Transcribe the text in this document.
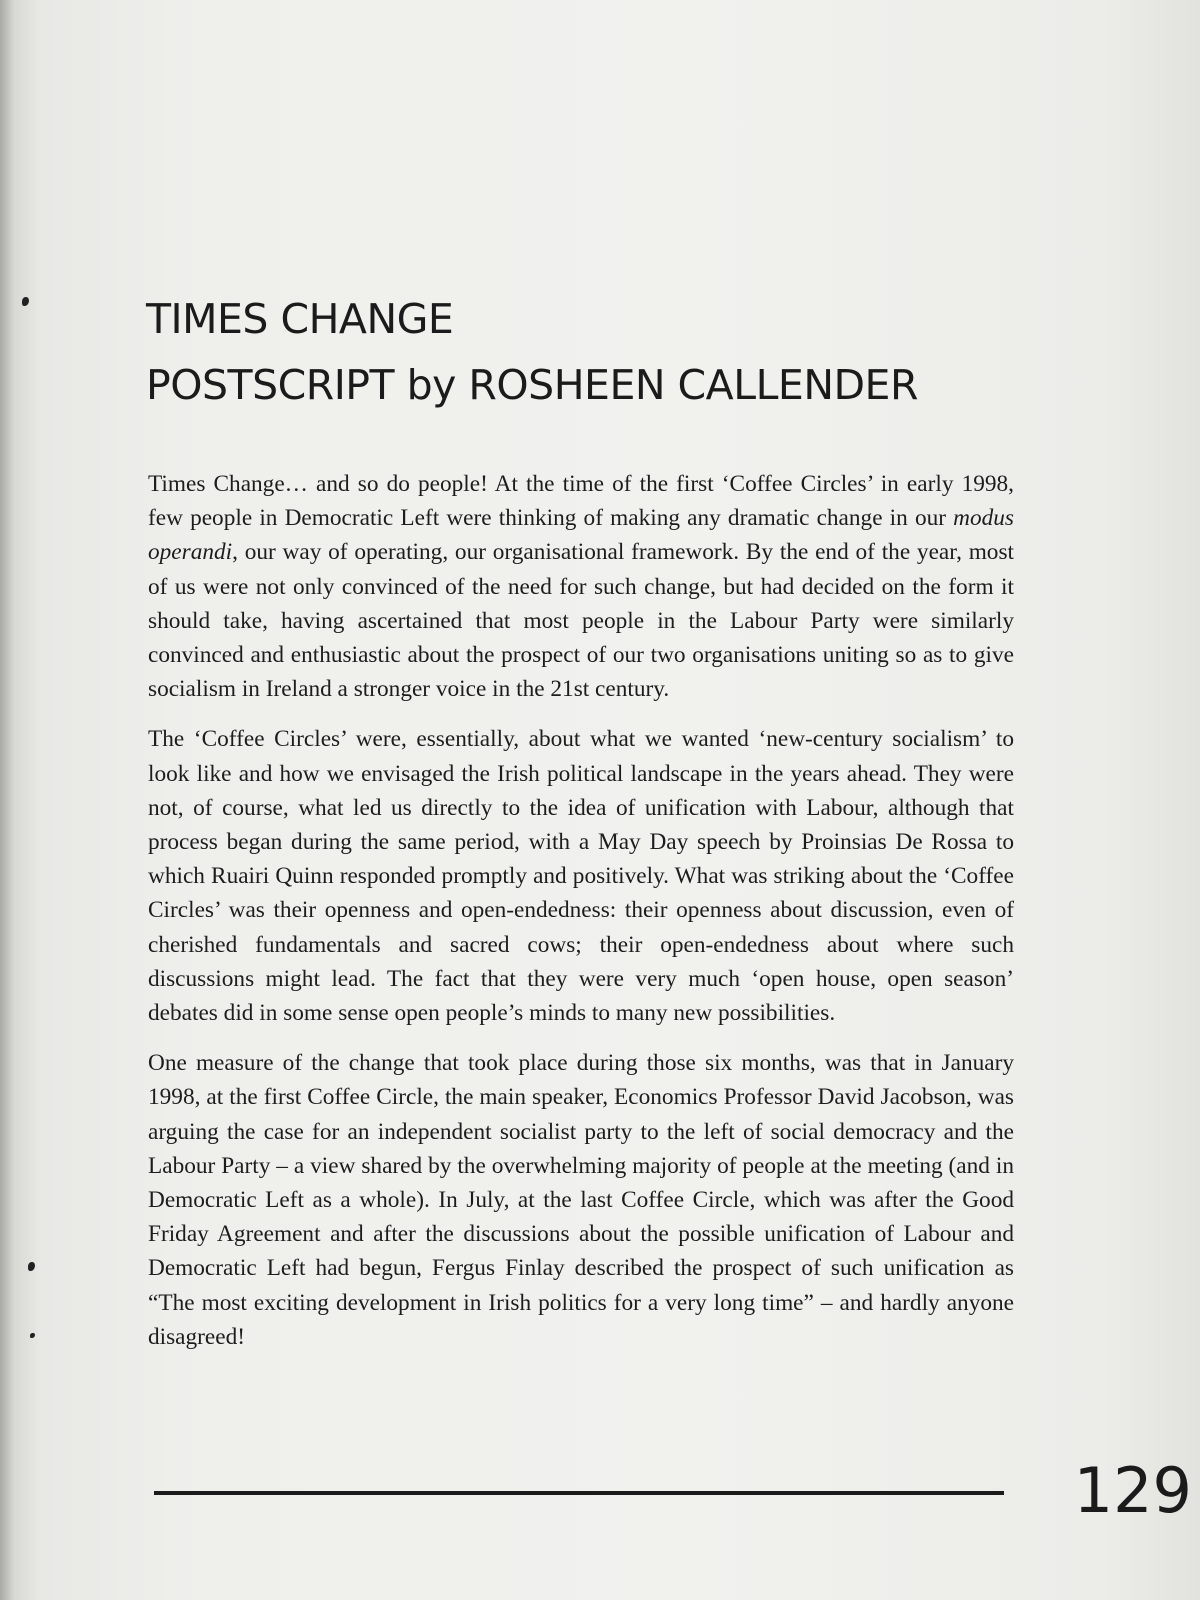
TIMES CHANGE
POSTSCRIPT by ROSHEEN CALLENDER

Times Change… and so do people! At the time of the first ‘Coffee Circles’ in early 1998, few people in Democratic Left were thinking of making any dramatic change in our modus operandi, our way of operating, our organisational framework. By the end of the year, most of us were not only convinced of the need for such change, but had decided on the form it should take, having ascertained that most people in the Labour Party were similarly convinced and enthusiastic about the prospect of our two organisations uniting so as to give socialism in Ireland a stronger voice in the 21st century.

The ‘Coffee Circles’ were, essentially, about what we wanted ‘new-century socialism’ to look like and how we envisaged the Irish political landscape in the years ahead. They were not, of course, what led us directly to the idea of unification with Labour, although that process began during the same period, with a May Day speech by Proinsias De Rossa to which Ruairi Quinn responded promptly and positively. What was striking about the ‘Coffee Circles’ was their openness and open-endedness: their openness about discussion, even of cherished fundamentals and sacred cows; their open-endedness about where such discussions might lead. The fact that they were very much ‘open house, open season’ debates did in some sense open people’s minds to many new possibilities.

One measure of the change that took place during those six months, was that in January 1998, at the first Coffee Circle, the main speaker, Economics Professor David Jacobson, was arguing the case for an independent socialist party to the left of social democracy and the Labour Party – a view shared by the overwhelming majority of people at the meeting (and in Democratic Left as a whole). In July, at the last Coffee Circle, which was after the Good Friday Agreement and after the discussions about the possible unification of Labour and Democratic Left had begun, Fergus Finlay described the prospect of such unification as “The most exciting development in Irish politics for a very long time” – and hardly anyone disagreed!

129
